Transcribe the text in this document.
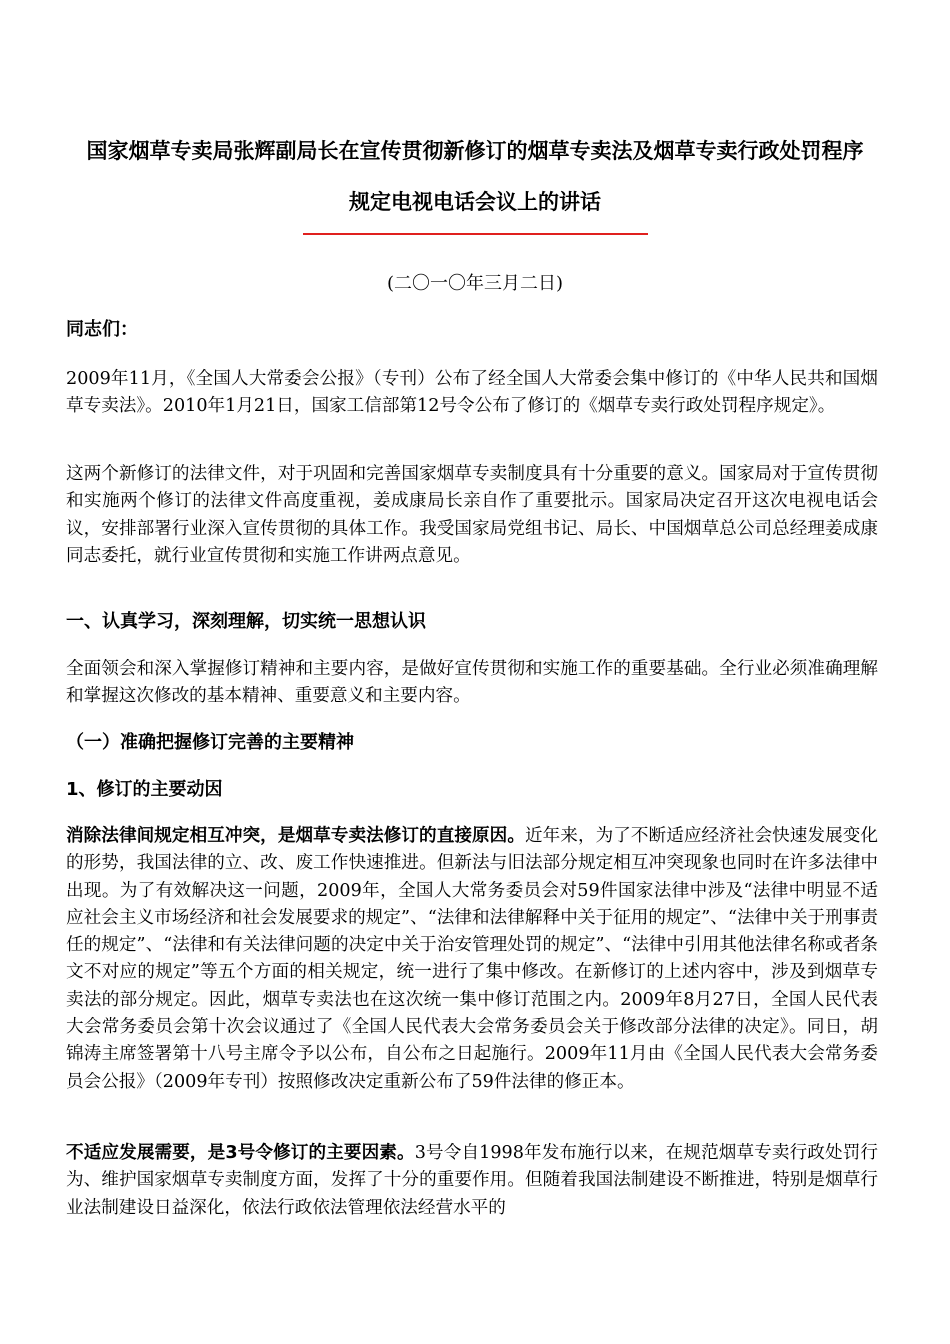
国家烟草专卖局张辉副局长在宣传贯彻新修订的烟草专卖法及烟草专卖行政处罚程序
规定电视电话会议上的讲话
(二〇一〇年三月二日)
同志们：
2009年11月，《全国人大常委会公报》（专刊）公布了经全国人大常委会集中修订的《中华人民共和国烟草专卖法》。2010年1月21日，国家工信部第12号令公布了修订的《烟草专卖行政处罚程序规定》。
这两个新修订的法律文件，对于巩固和完善国家烟草专卖制度具有十分重要的意义。国家局对于宣传贯彻和实施两个修订的法律文件高度重视，姜成康局长亲自作了重要批示。国家局决定召开这次电视电话会议，安排部署行业深入宣传贯彻的具体工作。我受国家局党组书记、局长、中国烟草总公司总经理姜成康同志委托，就行业宣传贯彻和实施工作讲两点意见。
一、认真学习，深刻理解，切实统一思想认识
全面领会和深入掌握修订精神和主要内容，是做好宣传贯彻和实施工作的重要基础。全行业必须准确理解和掌握这次修改的基本精神、重要意义和主要内容。
（一）准确把握修订完善的主要精神
1、修订的主要动因
消除法律间规定相互冲突，是烟草专卖法修订的直接原因。近年来，为了不断适应经济社会快速发展变化的形势，我国法律的立、改、废工作快速推进。但新法与旧法部分规定相互冲突现象也同时在许多法律中出现。为了有效解决这一问题，2009年，全国人大常务委员会对59件国家法律中涉及“法律中明显不适应社会主义市场经济和社会发展要求的规定”、“法律和法律解释中关于征用的规定”、“法律中关于刑事责任的规定”、“法律和有关法律问题的决定中关于治安管理处罚的规定”、“法律中引用其他法律名称或者条文不对应的规定”等五个方面的相关规定，统一进行了集中修改。在新修订的上述内容中，涉及到烟草专卖法的部分规定。因此，烟草专卖法也在这次统一集中修订范围之内。2009年8月27日，全国人民代表大会常务委员会第十次会议通过了《全国人民代表大会常务委员会关于修改部分法律的决定》。同日，胡锦涛主席签署第十八号主席令予以公布，自公布之日起施行。2009年11月由《全国人民代表大会常务委员会公报》（2009年专刊）按照修改决定重新公布了59件法律的修正本。
不适应发展需要，是3号令修订的主要因素。3号令自1998年发布施行以来，在规范烟草专卖行政处罚行为、维护国家烟草专卖制度方面，发挥了十分的重要作用。但随着我国法制建设不断推进，特别是烟草行业法制建设日益深化，依法行政依法管理依法经营水平的
